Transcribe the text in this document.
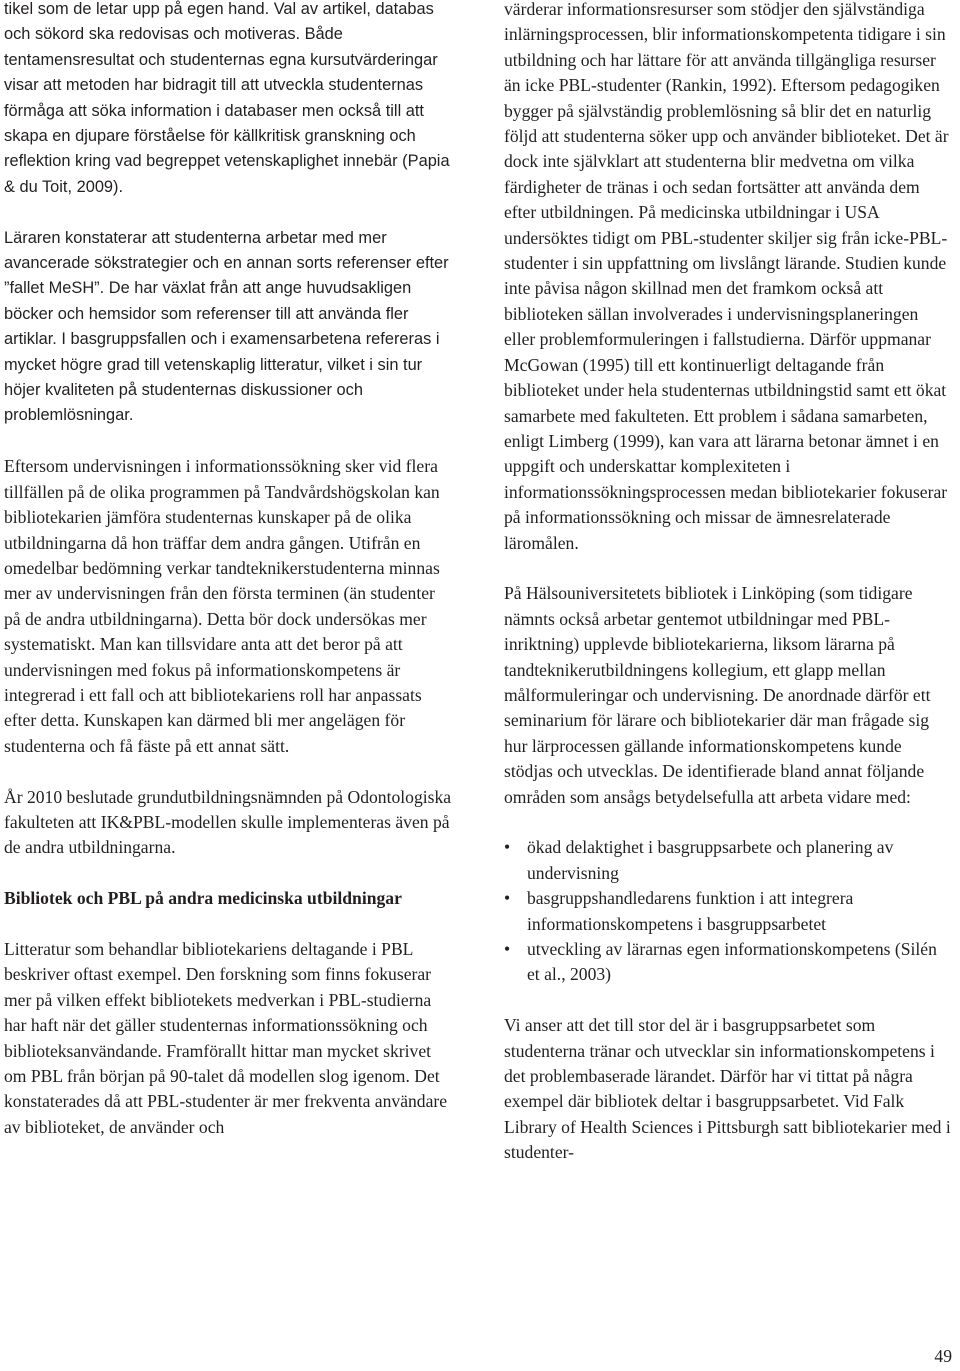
tikel som de letar upp på egen hand. Val av artikel, databas och sökord ska redovisas och motiveras. Både tentamensresultat och studenternas egna kursutvärderingar visar att metoden har bidragit till att utveckla studenternas förmåga att söka information i databaser men också till att skapa en djupare förståelse för källkritisk granskning och reflektion kring vad begreppet vetenskaplighet innebär (Papia & du Toit, 2009).

Läraren konstaterar att studenterna arbetar med mer avancerade sökstrategier och en annan sorts referenser efter ”fallet MeSH”. De har växlat från att ange huvudsakligen böcker och hemsidor som referenser till att använda fler artiklar. I basgruppsfallen och i examensarbetena refereras i mycket högre grad till vetenskaplig litteratur, vilket i sin tur höjer kvaliteten på studenternas diskussioner och problemlösningar.

Eftersom undervisningen i informationssökning sker vid flera tillfällen på de olika programmen på Tandvårdshögskolan kan bibliotekarien jämföra studenternas kunskaper på de olika utbildningarna då hon träffar dem andra gången. Utifrån en omedelbar bedömning verkar tandteknikerstudenterna minnas mer av undervisningen från den första terminen (än studenter på de andra utbildningarna). Detta bör dock undersökas mer systematiskt. Man kan tillsvidare anta att det beror på att undervisningen med fokus på informationskompetens är integrerad i ett fall och att bibliotekariens roll har anpassats efter detta. Kunskapen kan därmed bli mer angelägen för studenterna och få fäste på ett annat sätt.

År 2010 beslutade grundutbildningsnämnden på Odontologiska fakulteten att IK&PBL-modellen skulle implementeras även på de andra utbildningarna.

Bibliotek och PBL på andra medicinska utbildningar

Litteratur som behandlar bibliotekariens deltagande i PBL beskriver oftast exempel. Den forskning som finns fokuserar mer på vilken effekt bibliotekets medverkan i PBL-studierna har haft när det gäller studenternas informationssökning och biblioteksanvändande. Framförallt hittar man mycket skrivet om PBL från början på 90-talet då modellen slog igenom. Det konstaterades då att PBL-studenter är mer frekventa användare av biblioteket, de använder och

värderar informationsresurser som stödjer den självständiga inlärningsprocessen, blir informationskompetenta tidigare i sin utbildning och har lättare för att använda tillgängliga resurser än icke PBL-studenter (Rankin, 1992). Eftersom pedagogiken bygger på självständig problemlösning så blir det en naturlig följd att studenterna söker upp och använder biblioteket. Det är dock inte självklart att studenterna blir medvetna om vilka färdigheter de tränas i och sedan fortsätter att använda dem efter utbildningen. På medicinska utbildningar i USA undersöktes tidigt om PBL-studenter skiljer sig från icke-PBL-studenter i sin uppfattning om livslångt lärande. Studien kunde inte påvisa någon skillnad men det framkom också att biblioteken sällan involverades i undervisningsplaneringen eller problemformuleringen i fallstudierna. Därför uppmanar McGowan (1995) till ett kontinuerligt deltagande från biblioteket under hela studenternas utbildningstid samt ett ökat samarbete med fakulteten. Ett problem i sådana samarbeten, enligt Limberg (1999), kan vara att lärarna betonar ämnet i en uppgift och underskattar komplexiteten i informationssökningsprocessen medan bibliotekarier fokuserar på informationssökning och missar de ämnesrelaterade läromålen.

På Hälsouniversitetets bibliotek i Linköping (som tidigare nämnts också arbetar gentemot utbildningar med PBL-inriktning) upplevde bibliotekarierna, liksom lärarna på tandteknikerutbildningens kollegium, ett glapp mellan målformuleringar och undervisning. De anordnade därför ett seminarium för lärare och bibliotekarier där man frågade sig hur lärprocessen gällande informationskompetens kunde stödjas och utvecklas. De identifierade bland annat följande områden som ansågs betydelsefulla att arbeta vidare med:

• ökad delaktighet i basgruppsarbete och planering av undervisning
• basgruppshandledarens funktion i att integrera informationskompetens i basgruppsarbetet
• utveckling av lärarnas egen informationskompetens (Silén et al., 2003)

Vi anser att det till stor del är i basgruppsarbetet som studenterna tränar och utvecklar sin informationskompetens i det problembaserade lärandet. Därför har vi tittat på några exempel där bibliotek deltar i basgruppsarbetet. Vid Falk Library of Health Sciences i Pittsburgh satt bibliotekarier med i studenter-

49
